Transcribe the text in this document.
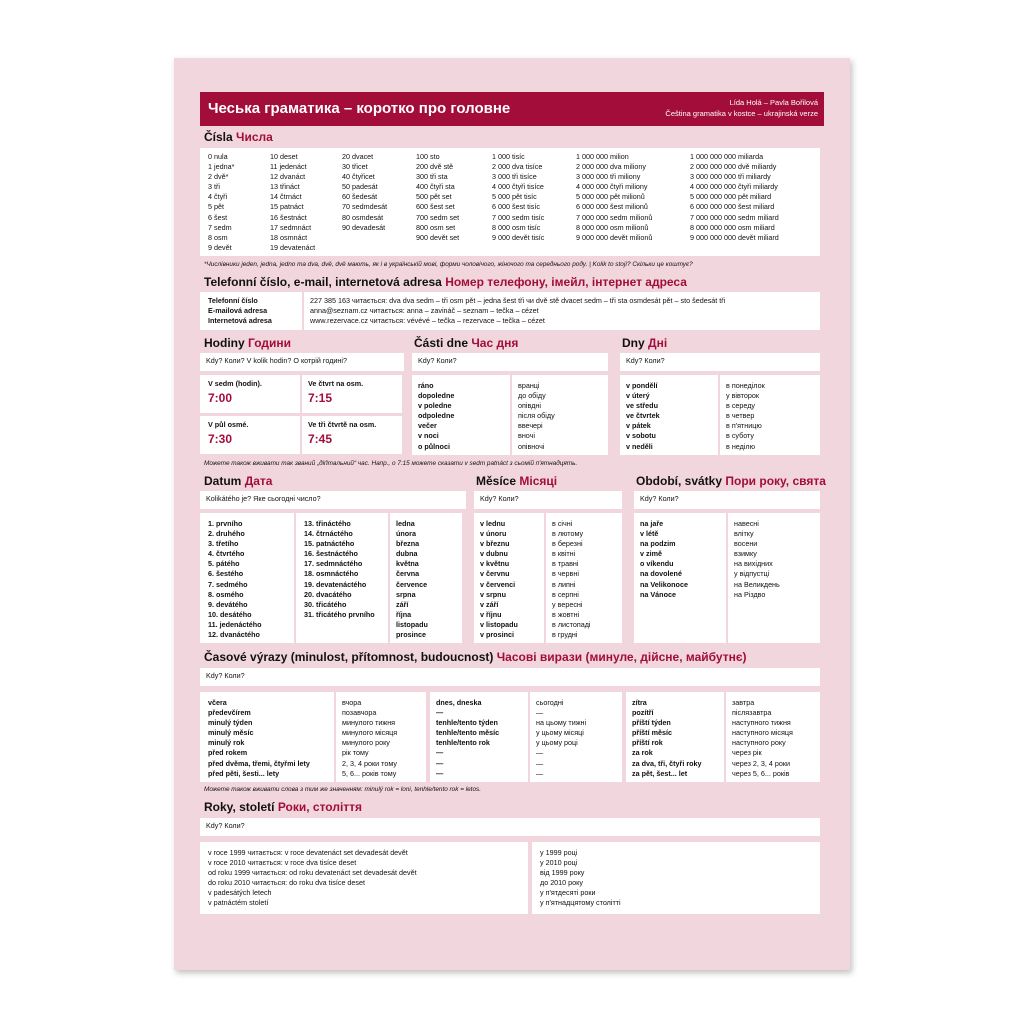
Чеська граматика – коротко про головне	Lída Holá – Pavla Bořilová
Čeština gramatika v kostce – ukrajinská verze
Čísla Числа
0 nula
1 jedna*
2 dvě*
3 tři
4 čtyři
5 pět
6 šest
7 sedm
8 osm
9 devět
10 deset
11 jedenáct
12 dvanáct
13 třináct
14 čtrnáct
15 patnáct
16 šestnáct
17 sedmnáct
18 osmnáct
19 devatenáct
20 dvacet
30 třicet
40 čtyřicet
50 padesát
60 šedesát
70 sedmdesát
80 osmdesát
90 devadesát
100 sto
200 dvě stě
300 tři sta
400 čtyři sta
500 pět set
600 šest set
700 sedm set
800 osm set
900 devět set
1 000 tisíc
2 000 dva tisíce
3 000 tři tisíce
4 000 čtyři tisíce
5 000 pět tisíc
6 000 šest tisíc
7 000 sedm tisíc
8 000 osm tisíc
9 000 devět tisíc
1 000 000 milion
2 000 000 dva miliony
3 000 000 tři miliony
4 000 000 čtyři miliony
5 000 000 pět milionů
6 000 000 šest milionů
7 000 000 sedm milionů
8 000 000 osm milionů
9 000 000 devět milionů
1 000 000 000 miliarda
2 000 000 000 dvě miliardy
3 000 000 000 tři miliardy
4 000 000 000 čtyři miliardy
5 000 000 000 pět miliard
6 000 000 000 šest miliard
7 000 000 000 sedm miliard
8 000 000 000 osm miliard
9 000 000 000 devět miliard
*Числівники jeden, jedna, jedno та dva, dvě, dvě мають, як і в українській мові, форми чоловічого, жіночого та середнього роду. | Kolik to stojí? Скільки це коштує?
Telefonní číslo, e-mail, internetová adresa Номер телефону, імейл, інтернет адреса
Telefonní číslo
E-mailová adresa
Internetová adresa
227 385 163 читається: dva dva sedm – tři osm pět – jedna šest tři чи dvě stě dvacet sedm – tři sta osmdesát pět – sto šedesát tři
anna@seznam.cz читається: anna – zavináč – seznam – tečka – cézet
www.rezervace.cz читається: vévévé – tečka – rezervace – tečka – cézet
Hodiny Години
Kdy? Коли? V kolik hodin? О котрій годині?
V sedm (hodin).
7:00
Ve čtvrt na osm.
7:15
V půl osmé.
7:30
Ve tři čtvrtě na osm.
7:45
Části dne Час дня
Kdy? Коли?
ráno
dopoledne
v poledne
odpoledne
večer
v noci
o půlnoci
вранці
до обіду
опівдні
після обіду
ввечері
вночі
опівночі
Dny Дні
Kdy? Коли?
v pondělí
v úterý
ve středu
ve čtvrtek
v pátek
v sobotu
v neděli
в понеділок
у вівторок
в середу
в четвер
в п'ятницю
в суботу
в неділю
Можете також вживати так званий „діґітальний“ час. Напр., о 7:15 можете сказати v sedm patnáct з сьомій п'ятнадцять.
Datum Дата
Kolikátého je? Яке сьогодні число?
1. prvního
2. druhého
3. třetího
4. čtvrtého
5. pátého
6. šestého
7. sedmého
8. osmého
9. devátého
10. desátého
11. jedenáctého
12. dvanáctého
13. třináctého
14. čtrnáctého
15. patnáctého
16. šestnáctého
17. sedmnáctého
18. osmnáctého
19. devatenáctého
20. dvacátého
30. třicátého
31. třicátého prvního
ledna
února
března
dubna
května
června
července
srpna
září
října
listopadu
prosince
Měsíce Місяці
Kdy? Коли?
v lednu
v únoru
v březnu
v dubnu
v květnu
v červnu
v červenci
v srpnu
v září
v říjnu
v listopadu
v prosinci
в січні
в лютому
в березні
в квітні
в травні
в червні
в липні
в серпні
у вересні
в жовтні
в листопаді
в грудні
Období, svátky Пори року, свята
Kdy? Коли?
na jaře
v létě
na podzim
v zimě
o víkendu
na dovolené
na Velikonoce
na Vánoce
навесні
влітку
восени
взимку
на вихідних
у відпустці
на Великдень
на Різдво
Časové výrazy (minulost, přítomnost, budoucnost) Часові вирази (минуле, дійсне, майбутнє)
Kdy? Коли?
včera
předevčírem
minulý týden
minulý měsíc
minulý rok
před rokem
před dvěma, třemi, čtyřmi lety
před pěti, šesti... lety
вчора
позавчора
минулого тижня
минулого місяця
минулого року
рік тому
2, 3, 4 роки тому
5, 6... років тому
dnes, dneska
—
tenhle/tento týden
tenhle/tento měsíc
tenhle/tento rok
—
—
—
сьогодні
—
на цьому тижні
у цьому місяці
у цьому році
—
—
—
zítra
pozítří
příští týden
příští měsíc
příští rok
za rok
za dva, tři, čtyři roky
za pět, šest... let
завтра
післязавтра
наступного тижня
наступного місяця
наступного року
через рік
через 2, 3, 4 роки
через 5, 6... років
Можете також вживати слова з тим же значенням: minulý rok = loni, tenhle/tento rok = letos.
Roky, století Роки, століття
Kdy? Коли?
v roce 1999 читається: v roce devatenáct set devadesát devět
v roce 2010 читається: v roce dva tisíce deset
od roku 1999 читається: od roku devatenáct set devadesát devět
do roku 2010 читається: do roku dva tisíce deset
v padesátých letech
v patnáctém století
у 1999 році
у 2010 році
від 1999 року
до 2010 року
у п'ятдесяті роки
у п'ятнадцятому столітті
